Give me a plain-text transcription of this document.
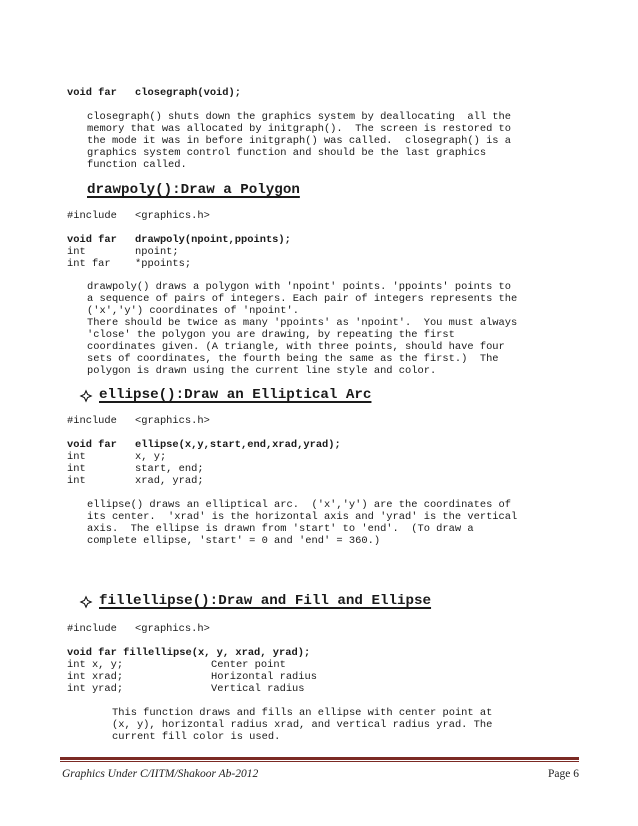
void far closegraph(void);
closegraph() shuts down the graphics system by deallocating  all the
memory that was allocated by initgraph().  The screen is restored to
the mode it was in before initgraph() was called.  closegraph() is a
graphics system control function and should be the last graphics
function called.
drawpoly():Draw a Polygon
#include <graphics.h>
void far drawpoly(npoint,ppoints);
int	npoint;
int far *ppoints;
drawpoly() draws a polygon with 'npoint' points. 'ppoints' points to
a sequence of pairs of integers. Each pair of integers represents the
('x','y') coordinates of 'npoint'.
There should be twice as many 'ppoints' as 'npoint'.  You must always
'close' the polygon you are drawing, by repeating the first
coordinates given. (A triangle, with three points, should have four
sets of coordinates, the fourth being the same as the first.)  The
polygon is drawn using the current line style and color.
ellipse():Draw an Elliptical Arc
#include <graphics.h>
void far ellipse(x,y,start,end,xrad,yrad);
int	x, y;
int	start, end;
int	xrad, yrad;
ellipse() draws an elliptical arc.  ('x','y') are the coordinates of
its center.  'xrad' is the horizontal axis and 'yrad' is the vertical
axis.  The ellipse is drawn from 'start' to 'end'.  (To draw a
complete ellipse, 'start' = 0 and 'end' = 360.)
fillellipse():Draw and Fill and Ellipse
#include <graphics.h>
void far fillellipse(x, y, xrad, yrad);
int x, y;	Center point
int xrad;	Horizontal radius
int yrad;	Vertical radius
This function draws and fills an ellipse with center point at
(x, y), horizontal radius xrad, and vertical radius yrad. The
current fill color is used.
Graphics Under C/IITM/Shakoor Ab-2012	Page 6
